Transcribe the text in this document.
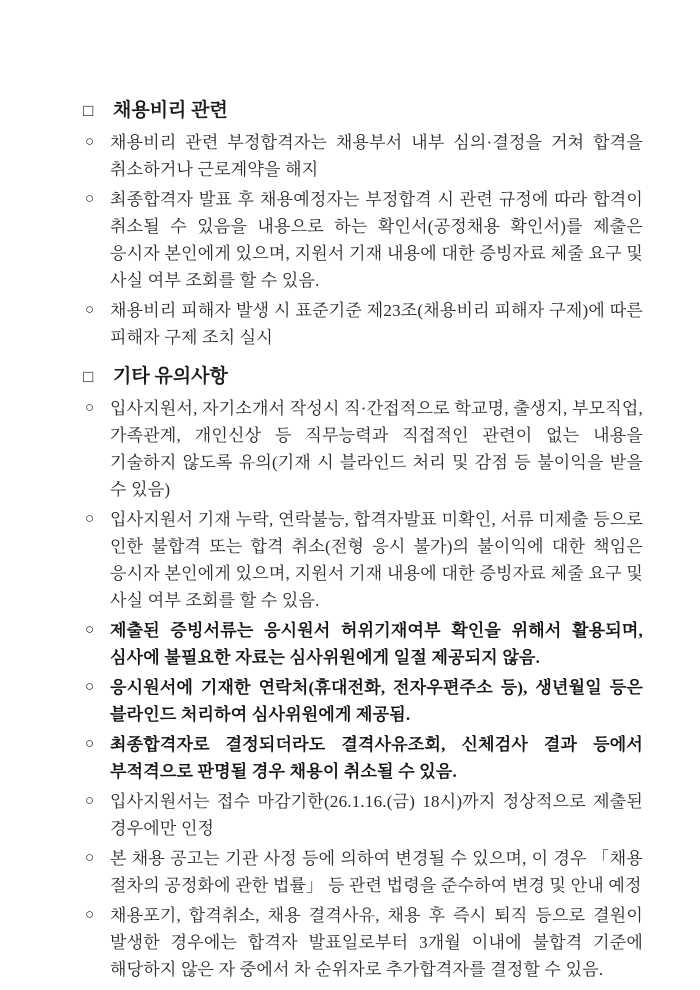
□	채용비리 관련
○ 채용비리 관련 부정합격자는 채용부서 내부 심의·결정을 거쳐 합격을 취소하거나 근로계약을 해지
○ 최종합격자 발표 후 채용예정자는 부정합격 시 관련 규정에 따라 합격이 취소될 수 있음을 내용으로 하는 확인서(공정채용 확인서)를 제출은 응시자 본인에게 있으며, 지원서 기재 내용에 대한 증빙자료 체줄 요구 및 사실 여부 조회를 할 수 있음.
○ 채용비리 피해자 발생 시 표준기준 제23조(채용비리 피해자 구제)에 따른 피해자 구제 조치 실시
□	기타 유의사항
○ 입사지원서, 자기소개서 작성시 직·간접적으로 학교명, 출생지, 부모직업, 가족관계, 개인신상 등 직무능력과 직접적인 관련이 없는 내용을 기술하지 않도록 유의(기재 시 블라인드 처리 및 감점 등 불이익을 받을 수 있음)
○ 입사지원서 기재 누락, 연락불능, 합격자발표 미확인, 서류 미제출 등으로 인한 불합격 또는 합격 취소(전형 응시 불가)의 불이익에 대한 책임은 응시자 본인에게 있으며, 지원서 기재 내용에 대한 증빙자료 체줄 요구 및 사실 여부 조회를 할 수 있음.
○ 제출된 증빙서류는 응시원서 허위기재여부 확인을 위해서 활용되며, 심사에 불필요한 자료는 심사위원에게 일절 제공되지 않음.
○ 응시원서에 기재한 연락처(휴대전화, 전자우편주소 등), 생년월일 등은 블라인드 처리하여 심사위원에게 제공됨.
○ 최종합격자로 결정되더라도 결격사유조회, 신체검사 결과 등에서 부적격으로 판명될 경우 채용이 취소될 수 있음.
○ 입사지원서는 접수 마감기한(26.1.16.(금) 18시)까지 정상적으로 제출된 경우에만 인정
○ 본 채용 공고는 기관 사정 등에 의하여 변경될 수 있으며, 이 경우 「채용 절차의 공정화에 관한 법률」 등 관련 법령을 준수하여 변경 및 안내 예정
○ 채용포기, 합격취소, 채용 결격사유, 채용 후 즉시 퇴직 등으로 결원이 발생한 경우에는 합격자 발표일로부터 3개월 이내에 불합격 기준에 해당하지 않은 자 중에서 차 순위자로 추가합격자를 결정할 수 있음.
